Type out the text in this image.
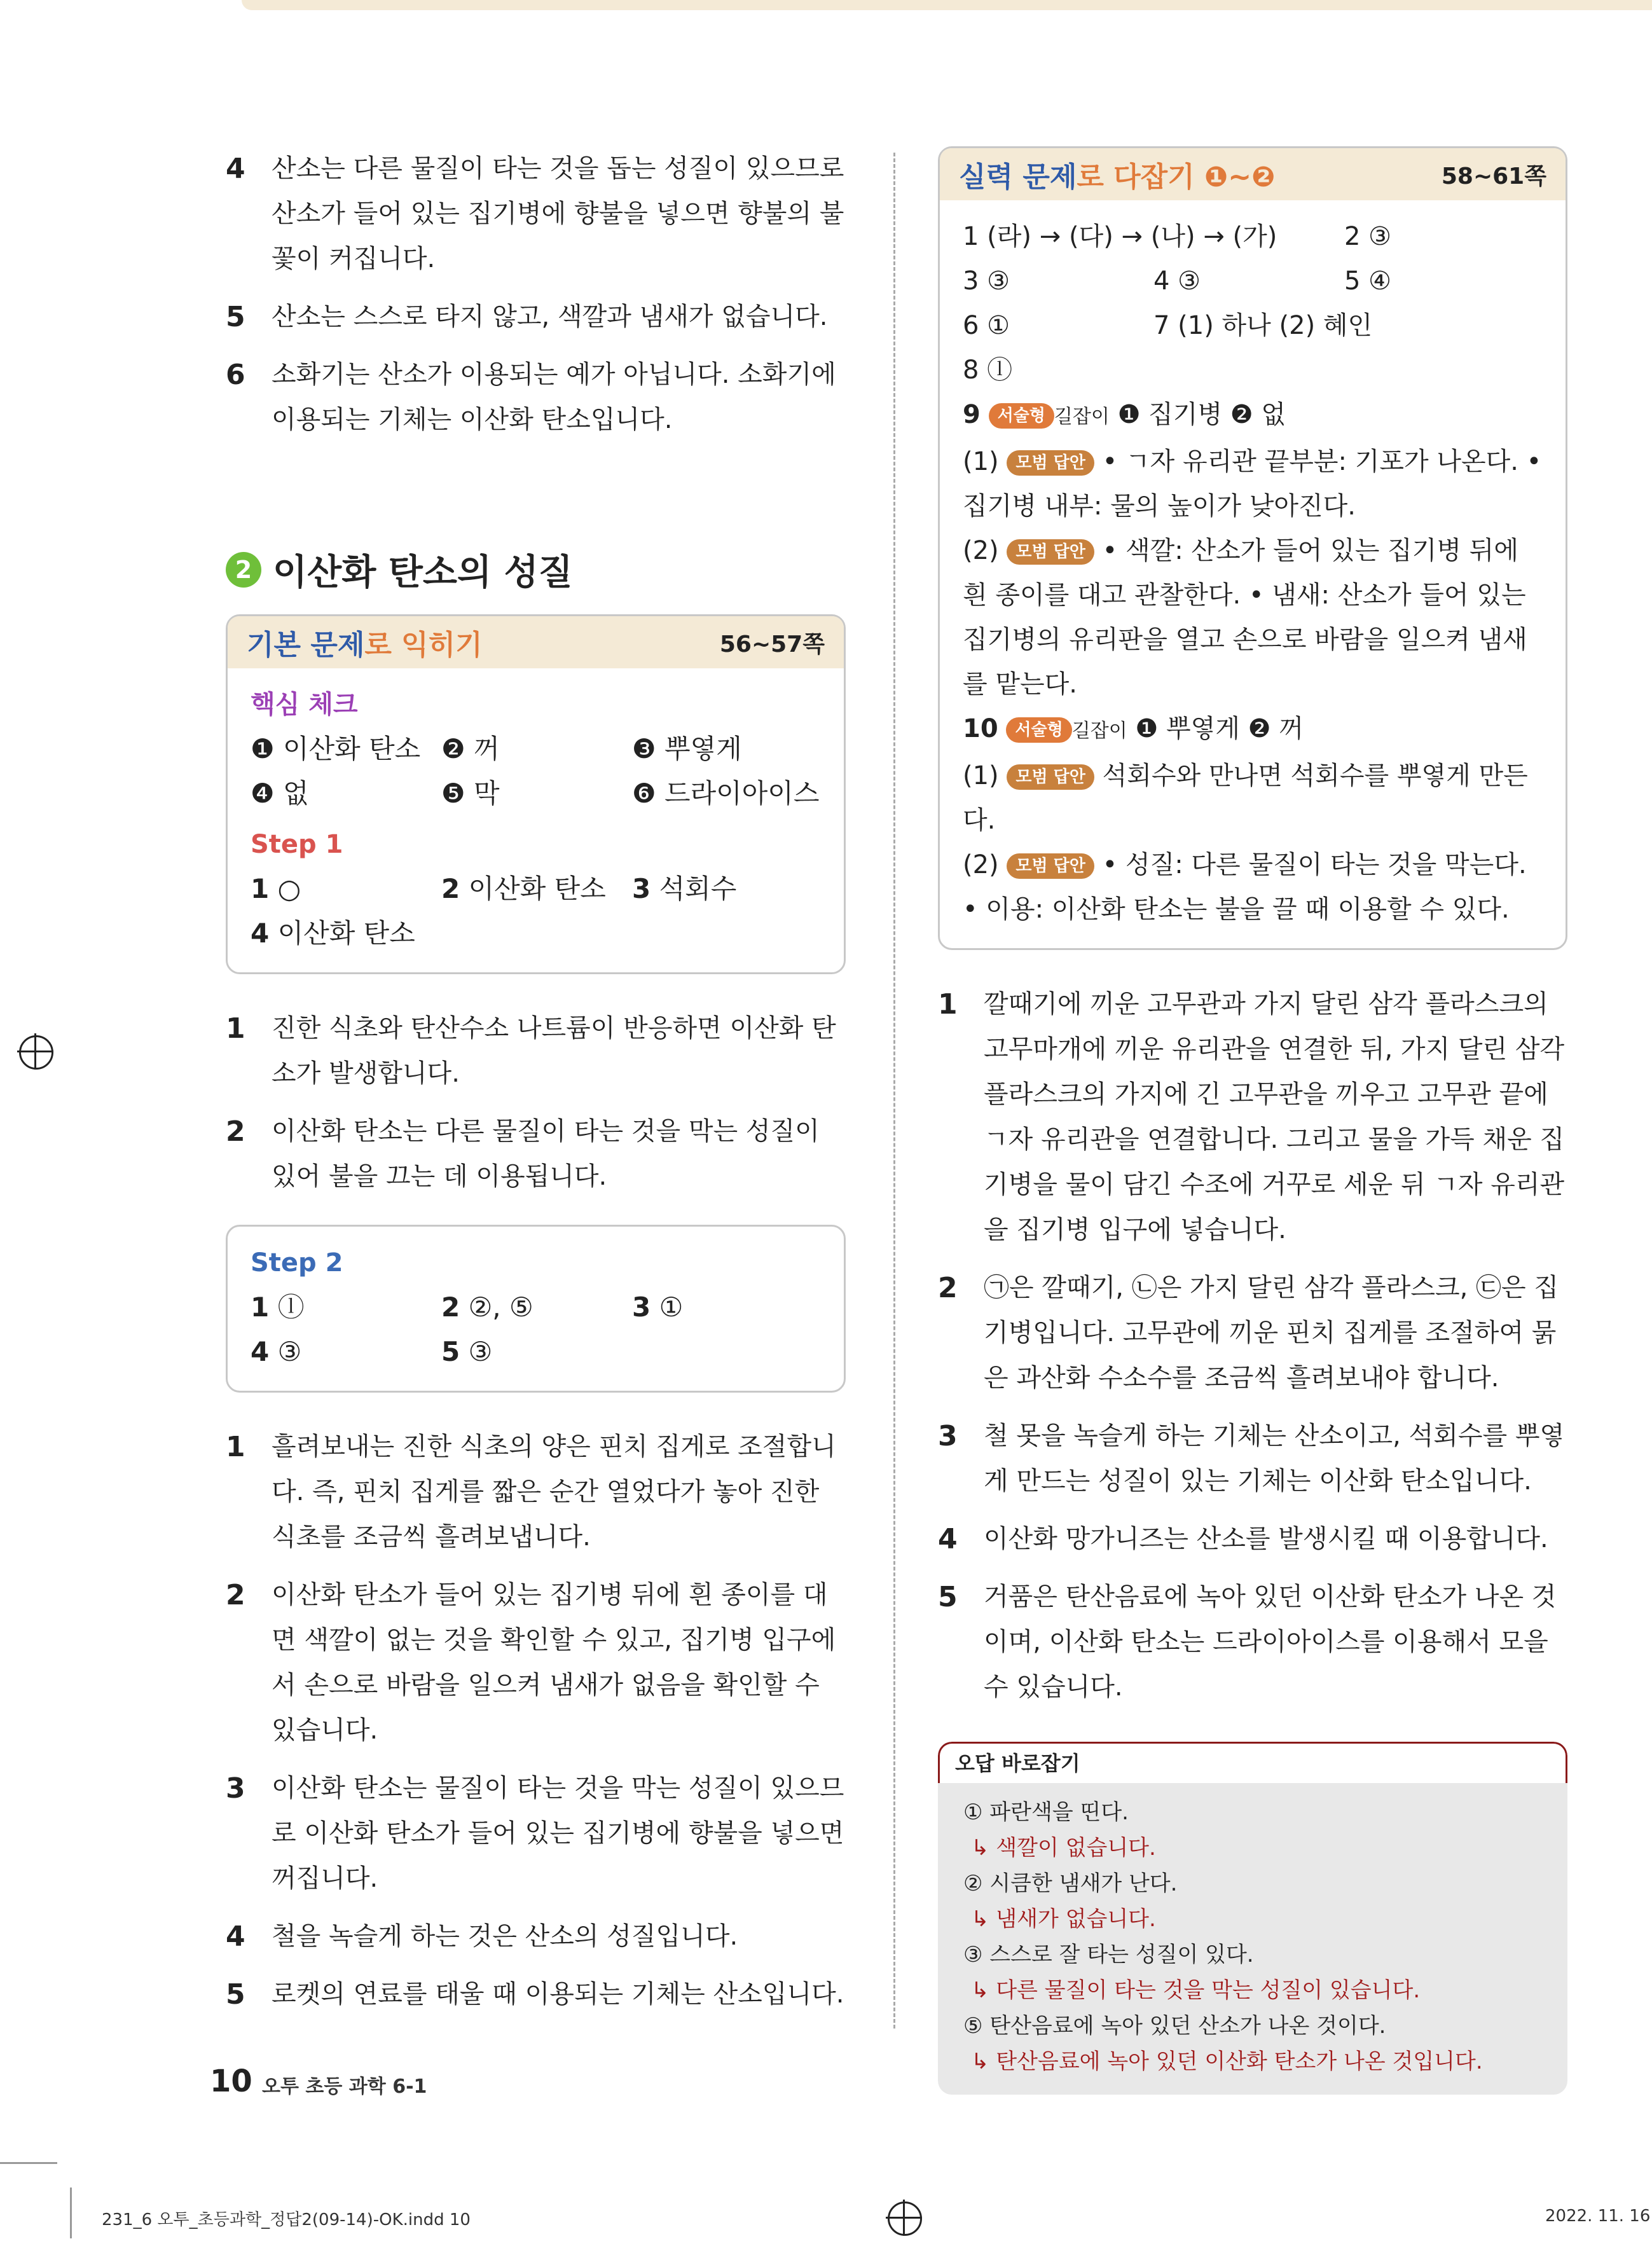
4 산소는 다른 물질이 타는 것을 돕는 성질이 있으므로 산소가 들어 있는 집기병에 향불을 넣으면 향불의 불꽃이 커집니다.
5 산소는 스스로 타지 않고, 색깔과 냄새가 없습니다.
6 소화기는 산소가 이용되는 예가 아닙니다. 소화기에 이용되는 기체는 이산화 탄소입니다.
2 이산화 탄소의 성질
기본 문제로 익히기	56~57쪽
핵심 체크
❶ 이산화 탄소 ❷ 꺼	❸ 뿌옇게
❹ 없	❺ 막	❻ 드라이아이스
Step 1
1 ○	2 이산화 탄소 3 석회수
4 이산화 탄소
1 진한 식초와 탄산수소 나트륨이 반응하면 이산화 탄소가 발생합니다.
2 이산화 탄소는 다른 물질이 타는 것을 막는 성질이 있어 불을 끄는 데 이용됩니다.
Step 2
1 ⓛ	2 ②, ⑤	3 ①
4 ③	5 ③
1 흘려보내는 진한 식초의 양은 핀치 집게로 조절합니다. 즉, 핀치 집게를 짧은 순간 열었다가 놓아 진한 식초를 조금씩 흘려보냅니다.
2 이산화 탄소가 들어 있는 집기병 뒤에 흰 종이를 대면 색깔이 없는 것을 확인할 수 있고, 집기병 입구에서 손으로 바람을 일으켜 냄새가 없음을 확인할 수 있습니다.
3 이산화 탄소는 물질이 타는 것을 막는 성질이 있으므로 이산화 탄소가 들어 있는 집기병에 향불을 넣으면 꺼집니다.
4 철을 녹슬게 하는 것은 산소의 성질입니다.
5 로켓의 연료를 태울 때 이용되는 기체는 산소입니다.
실력 문제로 다잡기 ❶~❷	58~61쪽
1 (라) → (다) → (나) → (가)	2 ③
3 ③	4 ③	5 ④
6 ①	7 (1) 하나 (2) 혜인
8 ⓛ
9 서술형 길잡이 ❶ 집기병 ❷ 없
(1) 모범 답안 • ㄱ자 유리관 끝부분: 기포가 나온다. • 집기병 내부: 물의 높이가 낮아진다.
(2) 모범 답안 • 색깔: 산소가 들어 있는 집기병 뒤에 흰 종이를 대고 관찰한다. • 냄새: 산소가 들어 있는 집기병의 유리판을 열고 손으로 바람을 일으켜 냄새를 맡는다.
10 서술형 길잡이 ❶ 뿌옇게 ❷ 꺼
(1) 모범 답안 석회수와 만나면 석회수를 뿌옇게 만든다.
(2) 모범 답안 • 성질: 다른 물질이 타는 것을 막는다. • 이용: 이산화 탄소는 불을 끌 때 이용할 수 있다.
1 깔때기에 끼운 고무관과 가지 달린 삼각 플라스크의 고무마개에 끼운 유리관을 연결한 뒤, 가지 달린 삼각 플라스크의 가지에 긴 고무관을 끼우고 고무관 끝에 ㄱ자 유리관을 연결합니다. 그리고 물을 가득 채운 집기병을 물이 담긴 수조에 거꾸로 세운 뒤 ㄱ자 유리관을 집기병 입구에 넣습니다.
2 ㉠은 깔때기, ㉡은 가지 달린 삼각 플라스크, ㉢은 집기병입니다. 고무관에 끼운 핀치 집게를 조절하여 묽은 과산화 수소수를 조금씩 흘려보내야 합니다.
3 철 못을 녹슬게 하는 기체는 산소이고, 석회수를 뿌옇게 만드는 성질이 있는 기체는 이산화 탄소입니다.
4 이산화 망가니즈는 산소를 발생시킬 때 이용합니다.
5 거품은 탄산음료에 녹아 있던 이산화 탄소가 나온 것이며, 이산화 탄소는 드라이아이스를 이용해서 모을 수 있습니다.
오답 바로잡기
① 파란색을 띤다.
↳ 색깔이 없습니다.
② 시큼한 냄새가 난다.
↳ 냄새가 없습니다.
③ 스스로 잘 타는 성질이 있다.
↳ 다른 물질이 타는 것을 막는 성질이 있습니다.
⑤ 탄산음료에 녹아 있던 산소가 나온 것이다.
↳ 탄산음료에 녹아 있던 이산화 탄소가 나온 것입니다.
10 오투 초등 과학 6-1
231_6 오투_초등과학_정답2(09-14)-OK.indd 10	2022. 11. 16
